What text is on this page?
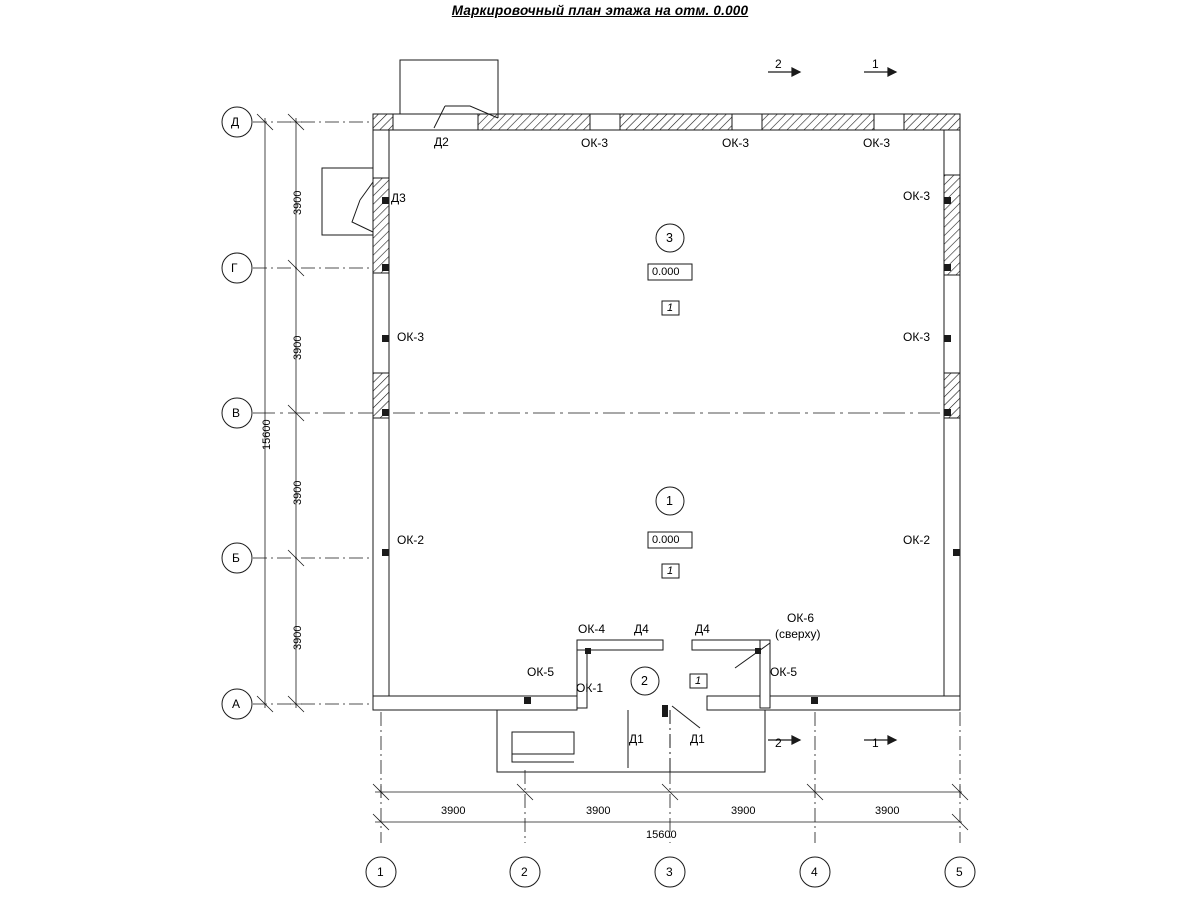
Маркировочный план этажа на отм. 0.000
Д
Г
В
Б
А
1	2	3	4	5
3900
3900
3900
3900
15600
3900	3900	3900	3900
15600
2	1
2	1
3
0.000
1
1
0.000
1
2	1
ОК-3	ОК-3	ОК-3
ОК-3
ОК-3
ОК-3
ОК-2	ОК-2
ОК-4
ОК-5
ОК-1
ОК-5
ОК-6
(сверху)
Д2
Д3
Д4	Д4
Д1	Д1
